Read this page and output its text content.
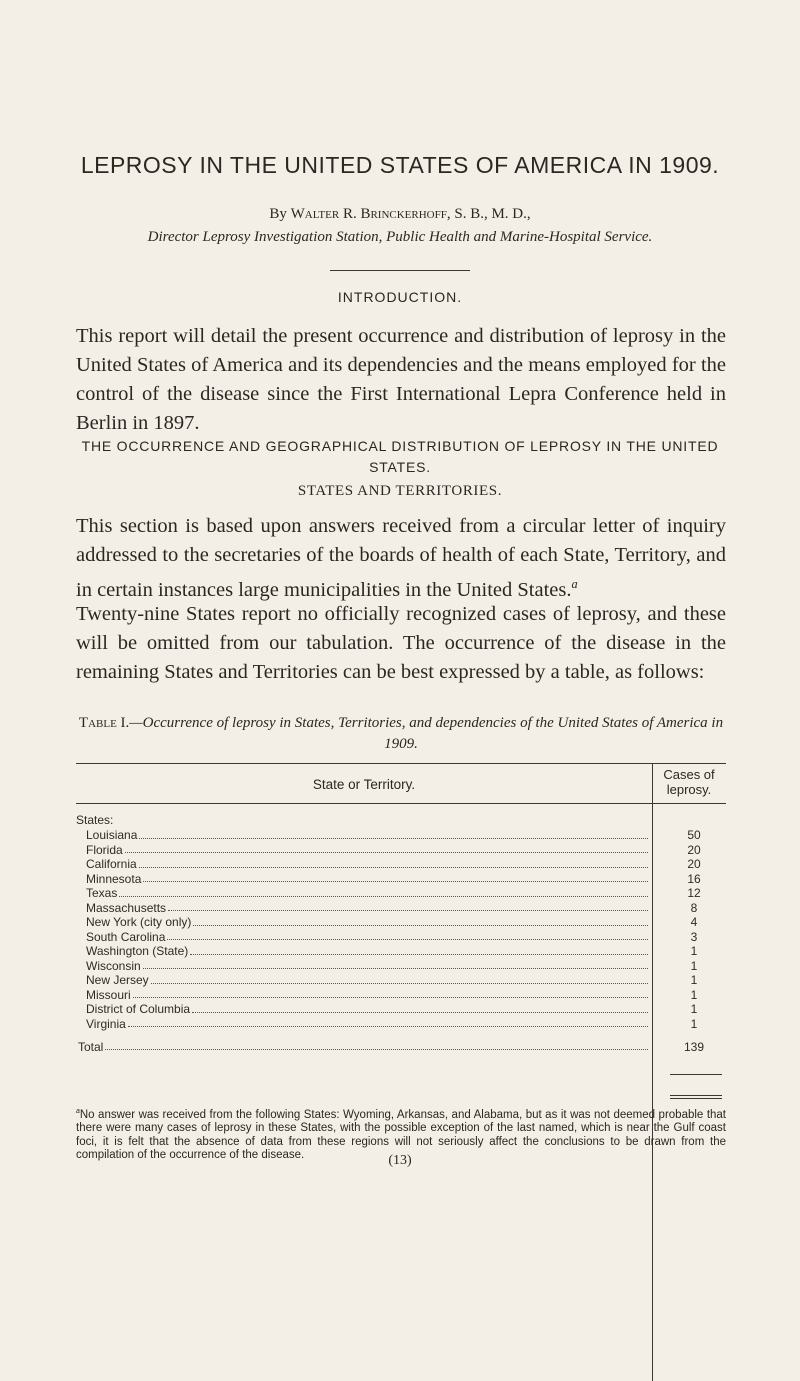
LEPROSY IN THE UNITED STATES OF AMERICA IN 1909.
By Walter R. Brinckerhoff, S. B., M. D.,
Director Leprosy Investigation Station, Public Health and Marine-Hospital Service.
INTRODUCTION.

This report will detail the present occurrence and distribution of leprosy in the United States of America and its dependencies and the means employed for the control of the disease since the First International Lepra Conference held in Berlin in 1897.

THE OCCURRENCE AND GEOGRAPHICAL DISTRIBUTION OF LEPROSY IN THE UNITED STATES.
STATES AND TERRITORIES.

This section is based upon answers received from a circular letter of inquiry addressed to the secretaries of the boards of health of each State, Territory, and in certain instances large municipalities in the United States.$^a$

Twenty-nine States report no officially recognized cases of leprosy, and these will be omitted from our tabulation. The occurrence of the disease in the remaining States and Territories can be best expressed by a table, as follows:

Table I.—Occurrence of leprosy in States, Territories, and dependencies of the United States of America in 1909.
State or Territory.
Cases of
leprosy.
States:
Louisiana	50
Florida	20
California	20
Minnesota	16
Texas	12
Massachusetts	8
New York (city only)	4
South Carolina	3
Washington (State)	1
Wisconsin	1
New Jersey	1
Missouri	1
District of Columbia	1
Virginia	1
Total	139

$^a$No answer was received from the following States: Wyoming, Arkansas, and Alabama, but as it was not deemed probable that there were many cases of leprosy in these States, with the possible exception of the last named, which is near the Gulf coast foci, it is felt that the absence of data from these regions will not seriously affect the conclusions to be drawn from the compilation of the occurrence of the disease.	(13)
